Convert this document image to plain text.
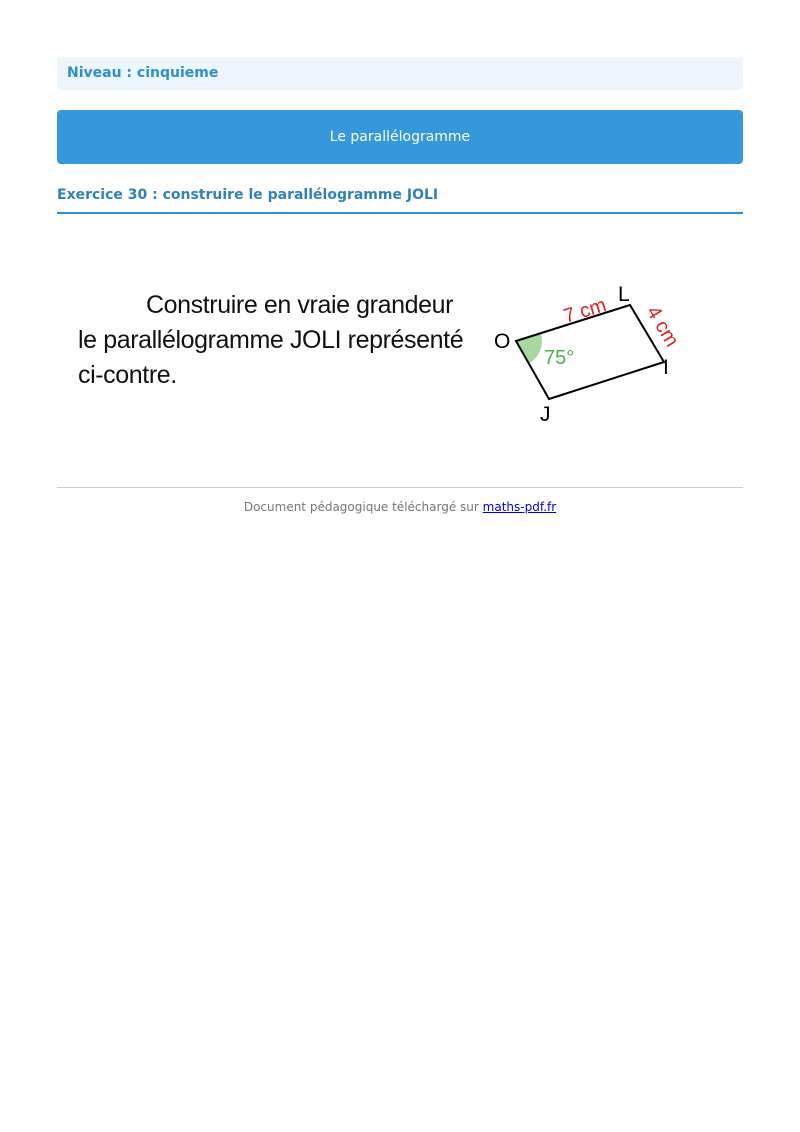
Niveau : cinquieme
Le parallélogramme
Exercice 30 : construire le parallélogramme JOLI
Construire en vraie grandeur
le parallélogramme JOLI représenté
ci-contre.
O
L
I
J
7 cm 4 cm
75°
Document pédagogique téléchargé sur maths-pdf.fr
